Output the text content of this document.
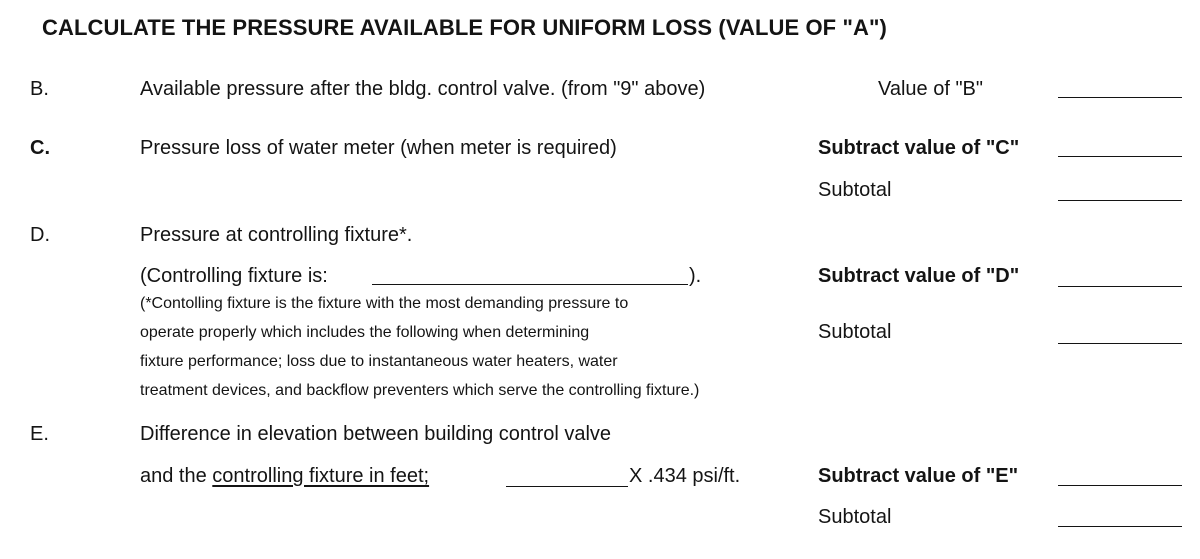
CALCULATE THE PRESSURE AVAILABLE FOR UNIFORM LOSS (VALUE OF "A")
B.	Available pressure after the bldg. control valve. (from "9" above)	Value of "B"
C.	Pressure loss of water meter (when meter is required)	Subtract value of "C"
Subtotal
D.	Pressure at controlling fixture*.
(Controlling fixture is:	).	Subtract value of "D"
(*Contolling fixture is the fixture with the most demanding pressure to
operate properly which includes the following when determining
fixture performance; loss due to instantaneous water heaters, water
treatment devices, and backflow preventers which serve the controlling fixture.)
Subtotal
E.	Difference in elevation between building control valve
and the controlling fixture in feet;	X .434 psi/ft.	Subtract value of "E"
Subtotal
